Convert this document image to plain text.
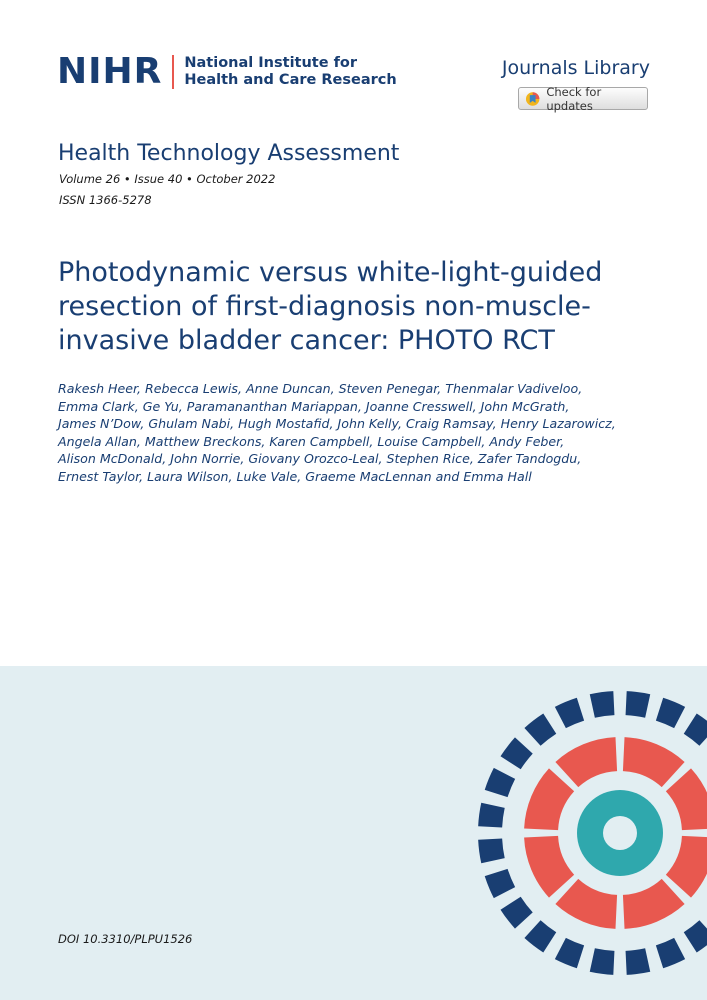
NIHR National Institute for
Health and Care Research
Journals Library
Check for updates
Health Technology Assessment
Volume 26 • Issue 40 • October 2022
ISSN 1366-5278
Photodynamic versus white-light-guided resection of first-diagnosis non-muscle-invasive bladder cancer: PHOTO RCT
Rakesh Heer, Rebecca Lewis, Anne Duncan, Steven Penegar, Thenmalar Vadiveloo,
Emma Clark, Ge Yu, Paramananthan Mariappan, Joanne Cresswell, John McGrath,
James N’Dow, Ghulam Nabi, Hugh Mostafid, John Kelly, Craig Ramsay, Henry Lazarowicz,
Angela Allan, Matthew Breckons, Karen Campbell, Louise Campbell, Andy Feber,
Alison McDonald, John Norrie, Giovany Orozco-Leal, Stephen Rice, Zafer Tandogdu,
Ernest Taylor, Laura Wilson, Luke Vale, Graeme MacLennan and Emma Hall
DOI 10.3310/PLPU1526
